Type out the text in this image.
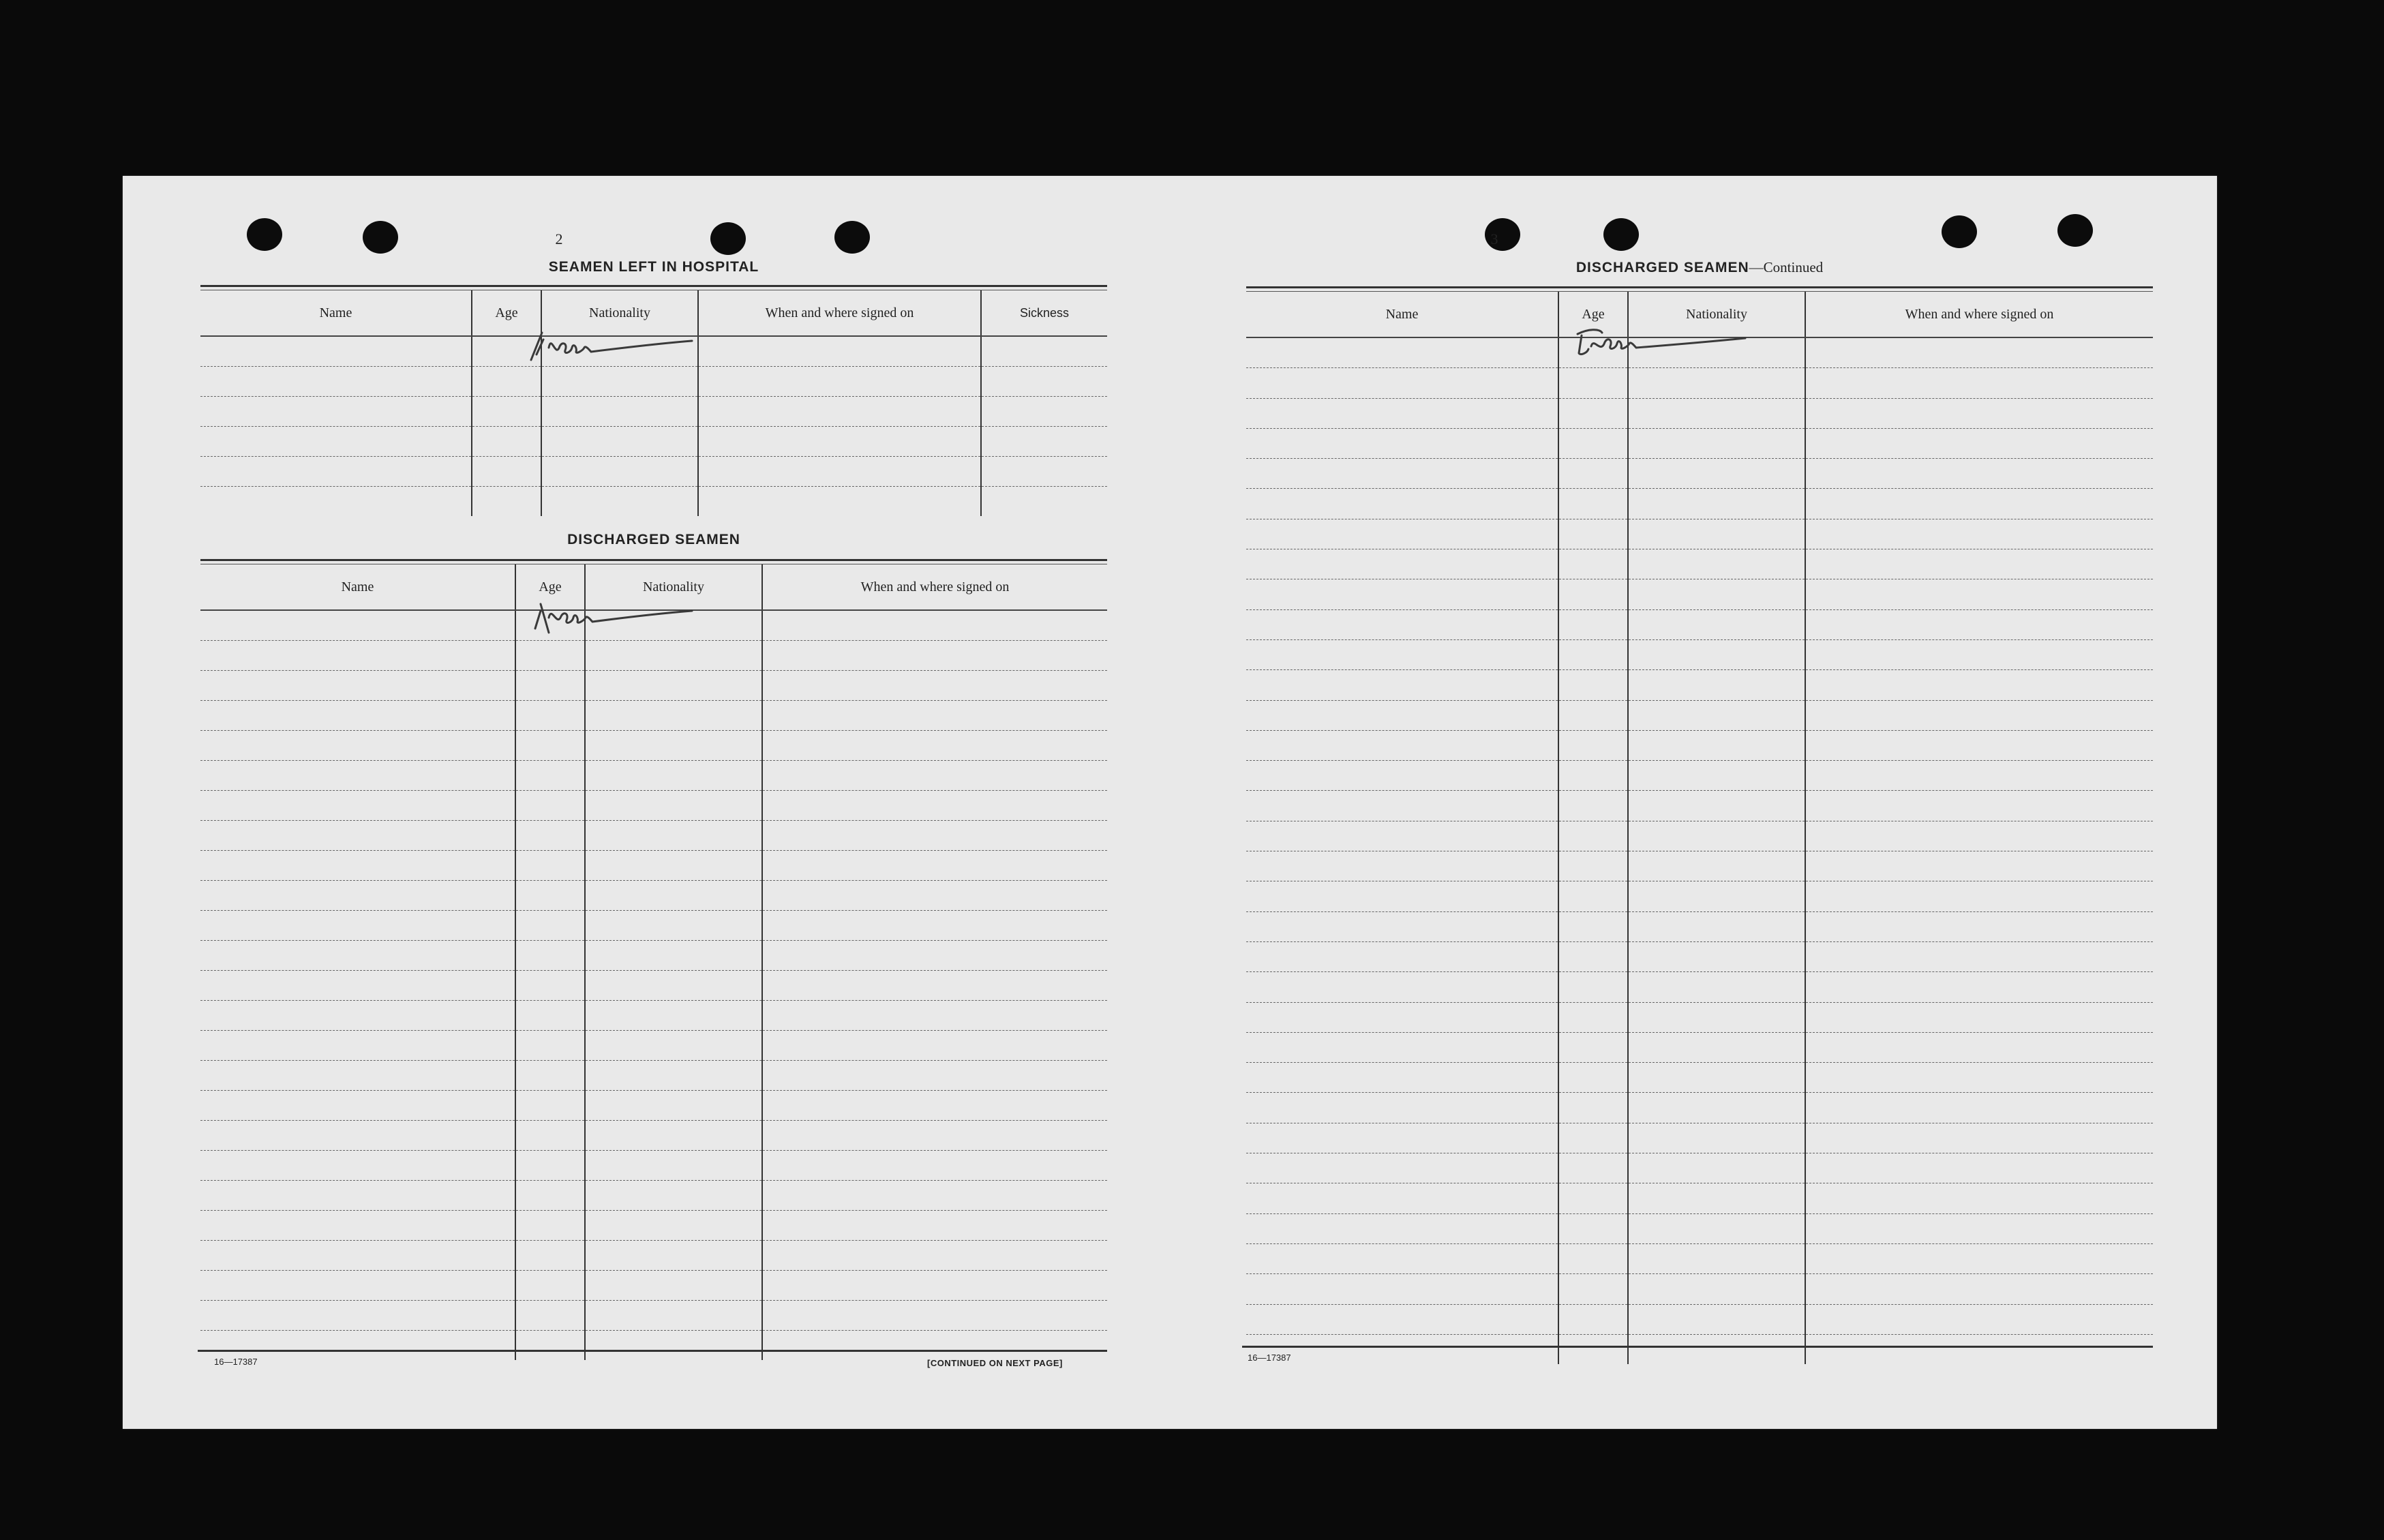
2
SEAMEN LEFT IN HOSPITAL
Name	Age	Nationality	When and where signed on	Sickness

DISCHARGED SEAMEN
Name	Age	Nationality	When and where signed on

16—17387	[CONTINUED ON NEXT PAGE]
3
DISCHARGED SEAMEN—Continued
Name	Age	Nationality	When and where signed on

16—17387
None
None
None
